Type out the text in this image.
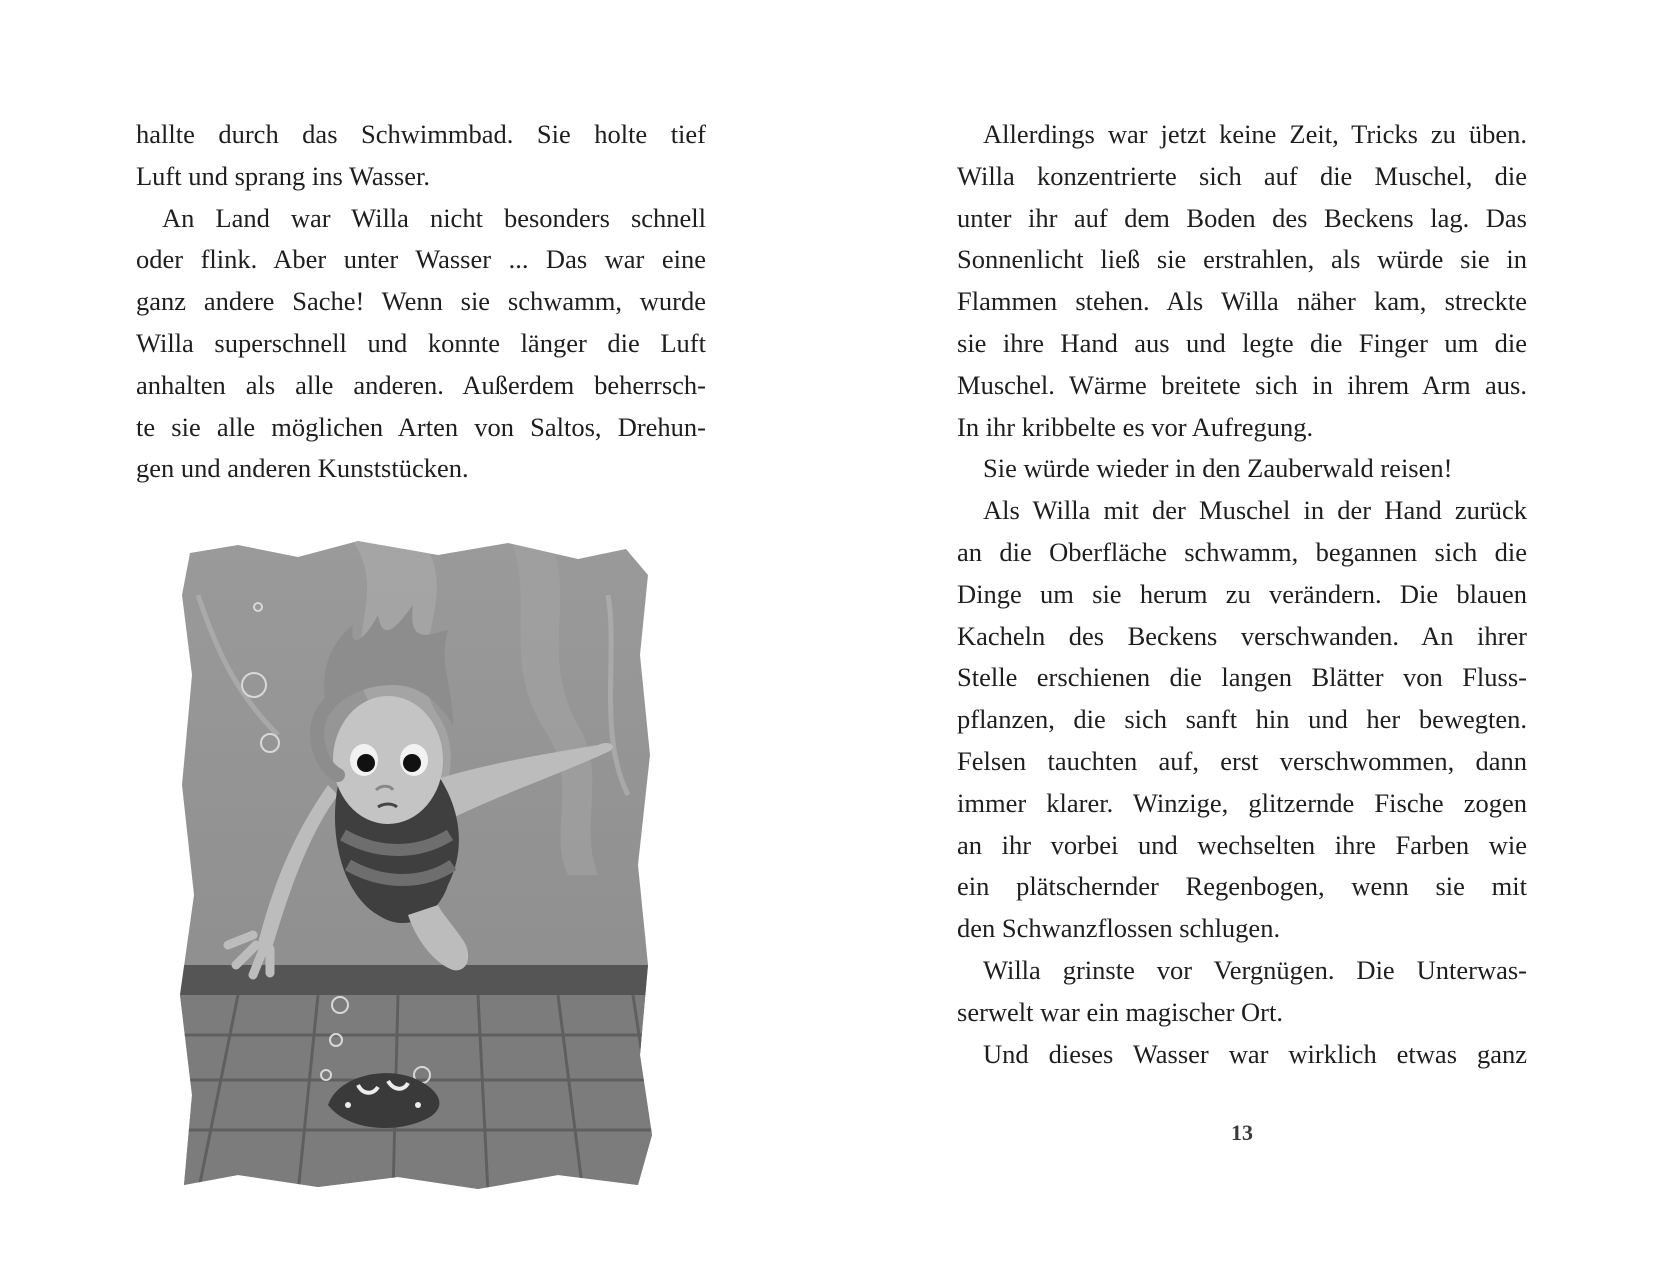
hallte durch das Schwimmbad. Sie holte tief

Luft und sprang ins Wasser.

An Land war Willa nicht besonders schnell

oder flink. Aber unter Wasser ... Das war eine

ganz andere Sache! Wenn sie schwamm, wurde

Willa superschnell und konnte länger die Luft

anhalten als alle anderen. Außerdem beherrsch-

te sie alle möglichen Arten von Saltos, Drehun-

gen und anderen Kunststücken.

Allerdings war jetzt keine Zeit, Tricks zu üben.

Willa konzentrierte sich auf die Muschel, die

unter ihr auf dem Boden des Beckens lag. Das

Sonnenlicht ließ sie erstrahlen, als würde sie in

Flammen stehen. Als Willa näher kam, streckte

sie ihre Hand aus und legte die Finger um die

Muschel. Wärme breitete sich in ihrem Arm aus.

In ihr kribbelte es vor Aufregung.

Sie würde wieder in den Zauberwald reisen!

Als Willa mit der Muschel in der Hand zurück

an die Oberfläche schwamm, begannen sich die

Dinge um sie herum zu verändern. Die blauen

Kacheln des Beckens verschwanden. An ihrer

Stelle erschienen die langen Blätter von Fluss-

pflanzen, die sich sanft hin und her bewegten.

Felsen tauchten auf, erst verschwommen, dann

immer klarer. Winzige, glitzernde Fische zogen

an ihr vorbei und wechselten ihre Farben wie

ein plätschernder Regenbogen, wenn sie mit

den Schwanzflossen schlugen.

Willa grinste vor Vergnügen. Die Unterwas-

serwelt war ein magischer Ort.

Und dieses Wasser war wirklich etwas ganz

13
